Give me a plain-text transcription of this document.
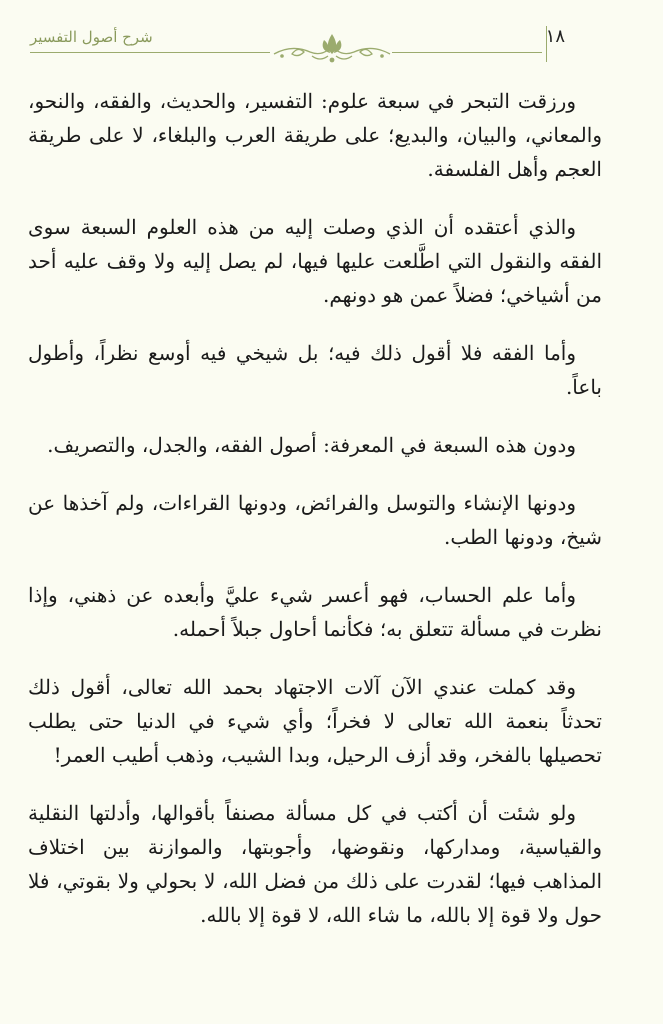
شرح أصول التفسير	١٨

ورزقت التبحر في سبعة علوم: التفسير، والحديث، والفقه، والنحو، والمعاني، والبيان، والبديع؛ على طريقة العرب والبلغاء، لا على طريقة العجم وأهل الفلسفة.

والذي أعتقده أن الذي وصلت إليه من هذه العلوم السبعة سوى الفقه والنقول التي اطَّلعت عليها فيها، لم يصل إليه ولا وقف عليه أحد من أشياخي؛ فضلاً عمن هو دونهم.

وأما الفقه فلا أقول ذلك فيه؛ بل شيخي فيه أوسع نظراً، وأطول باعاً.

ودون هذه السبعة في المعرفة: أصول الفقه، والجدل، والتصريف.

ودونها الإنشاء والتوسل والفرائض، ودونها القراءات، ولم آخذها عن شيخ، ودونها الطب.

وأما علم الحساب، فهو أعسر شيء عليَّ وأبعده عن ذهني، وإذا نظرت في مسألة تتعلق به؛ فكأنما أحاول جبلاً أحمله.

وقد كملت عندي الآن آلات الاجتهاد بحمد الله تعالى، أقول ذلك تحدثاً بنعمة الله تعالى لا فخراً؛ وأي شيء في الدنيا حتى يطلب تحصيلها بالفخر، وقد أزف الرحيل، وبدا الشيب، وذهب أطيب العمر!

ولو شئت أن أكتب في كل مسألة مصنفاً بأقوالها، وأدلتها النقلية والقياسية، ومداركها، ونقوضها، وأجوبتها، والموازنة بين اختلاف المذاهب فيها؛ لقدرت على ذلك من فضل الله، لا بحولي ولا بقوتي، فلا حول ولا قوة إلا بالله، ما شاء الله، لا قوة إلا بالله.
